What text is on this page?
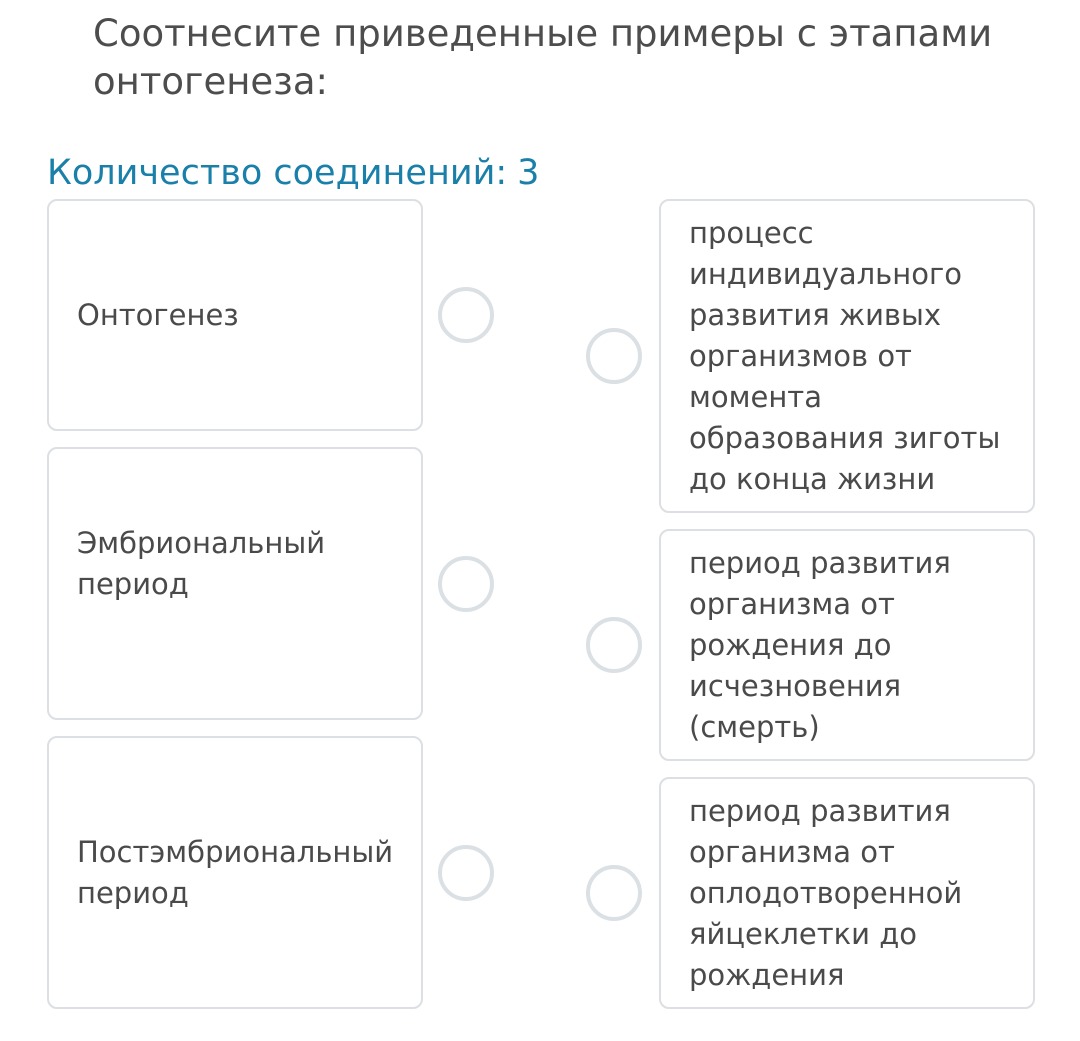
Соотнесите приведенные примеры с этапами онтогенеза:
Количество соединений: 3
Онтогенез
Эмбриональный период
Постэмбриональный период
процесс индивидуального развития живых организмов от момента образования зиготы до конца жизни
период развития организма от рождения до исчезновения (смерть)
период развития организма от оплодотворенной яйцеклетки до рождения
